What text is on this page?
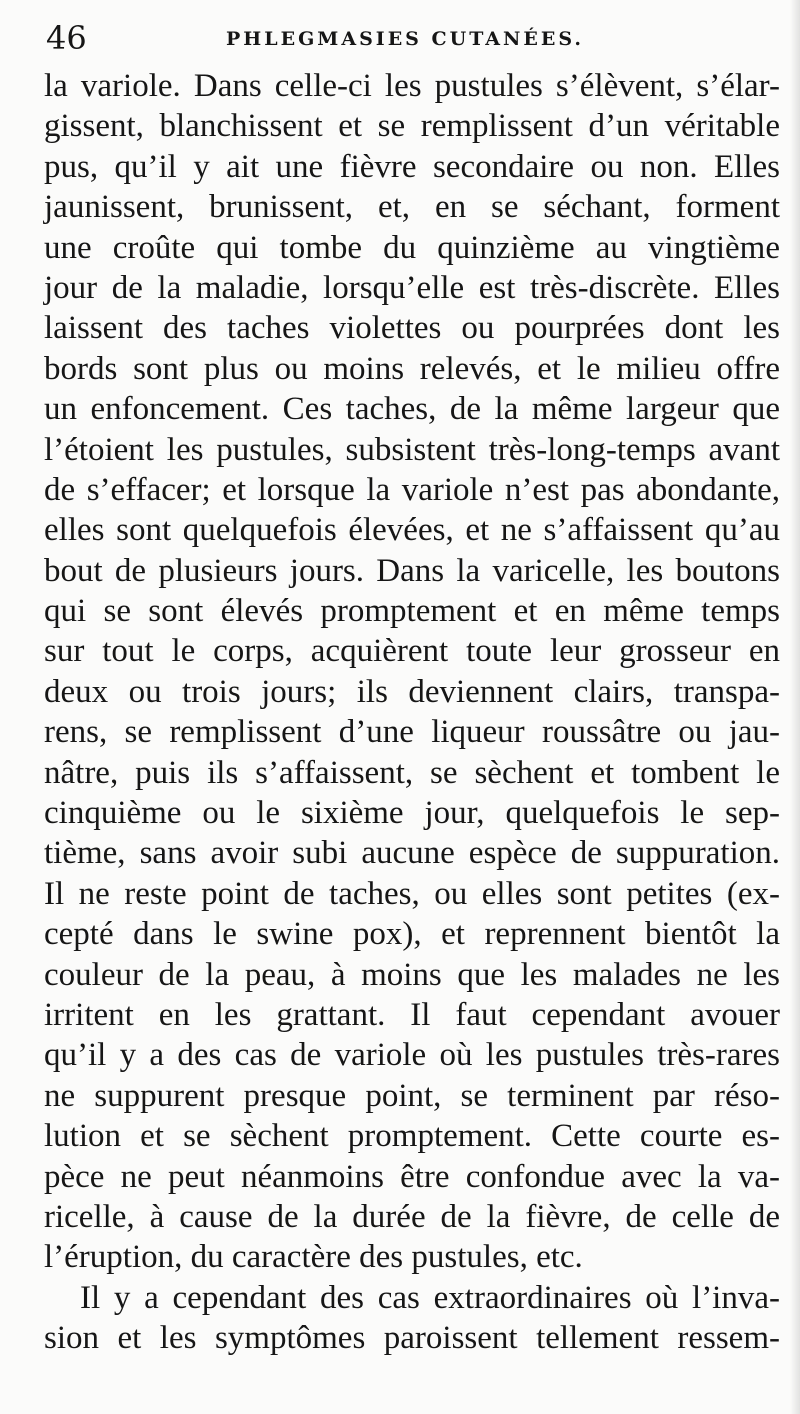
46	PHLEGMASIES CUTANÉES.
la variole. Dans celle-ci les pustules s’élèvent, s’élar-
gissent, blanchissent et se remplissent d’un véritable
pus, qu’il y ait une fièvre secondaire ou non. Elles
jaunissent, brunissent, et, en se séchant, forment
une croûte qui tombe du quinzième au vingtième
jour de la maladie, lorsqu’elle est très-discrète. Elles
laissent des taches violettes ou pourprées dont les
bords sont plus ou moins relevés, et le milieu offre
un enfoncement. Ces taches, de la même largeur que
l’étoient les pustules, subsistent très-long-temps avant
de s’effacer; et lorsque la variole n’est pas abondante,
elles sont quelquefois élevées, et ne s’affaissent qu’au
bout de plusieurs jours. Dans la varicelle, les boutons
qui se sont élevés promptement et en même temps
sur tout le corps, acquièrent toute leur grosseur en
deux ou trois jours; ils deviennent clairs, transpa-
rens, se remplissent d’une liqueur roussâtre ou jau-
nâtre, puis ils s’affaissent, se sèchent et tombent le
cinquième ou le sixième jour, quelquefois le sep-
tième, sans avoir subi aucune espèce de suppuration.
Il ne reste point de taches, ou elles sont petites (ex-
cepté dans le swine pox), et reprennent bientôt la
couleur de la peau, à moins que les malades ne les
irritent en les grattant. Il faut cependant avouer
qu’il y a des cas de variole où les pustules très-rares
ne suppurent presque point, se terminent par réso-
lution et se sèchent promptement. Cette courte es-
pèce ne peut néanmoins être confondue avec la va-
ricelle, à cause de la durée de la fièvre, de celle de
l’éruption, du caractère des pustules, etc.
Il y a cependant des cas extraordinaires où l’inva-
sion et les symptômes paroissent tellement ressem-
